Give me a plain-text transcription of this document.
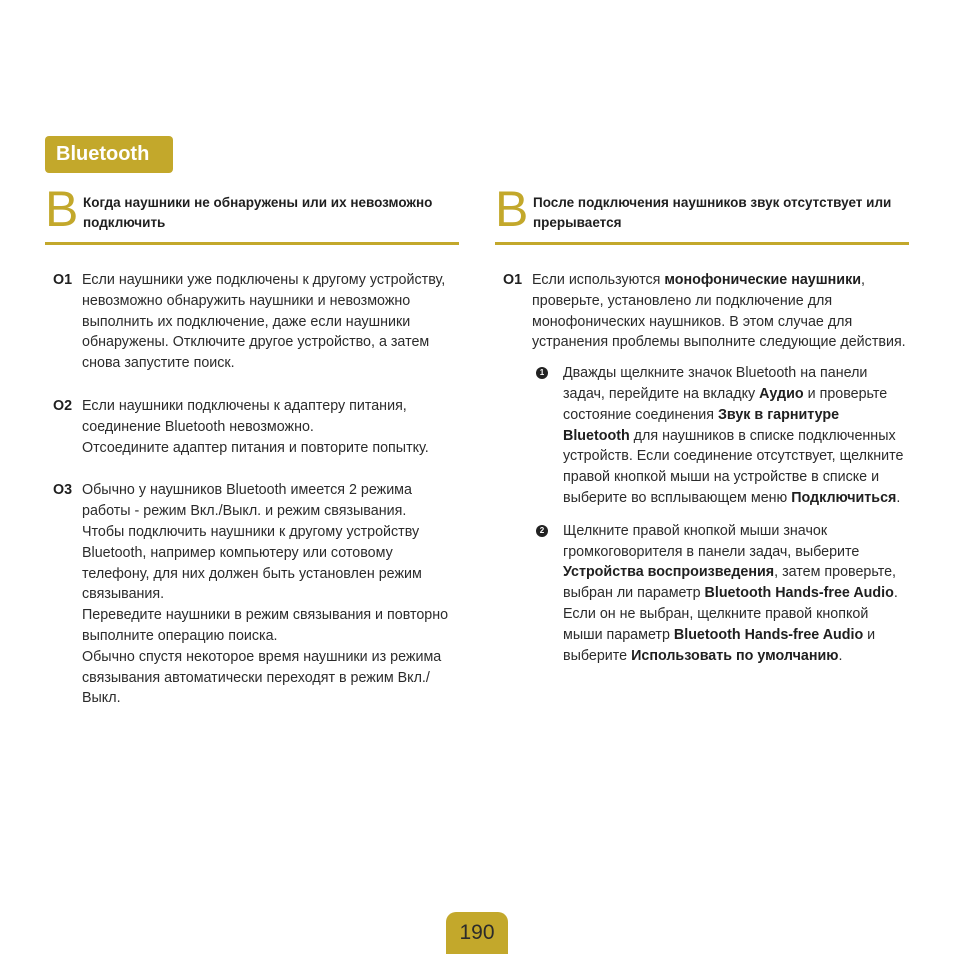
Bluetooth
B Когда наушники не обнаружены или их невозможно подключить
O1 Если наушники уже подключены к другому устройству, невозможно обнаружить наушники и невозможно выполнить их подключение, даже если наушники обнаружены. Отключите другое устройство, а затем снова запустите поиск.

O2 Если наушники подключены к адаптеру питания, соединение Bluetooth невозможно.

Отсоедините адаптер питания и повторите попытку.

O3 Обычно у наушников Bluetooth имеется 2 режима работы - режим Вкл./Выкл. и режим связывания.

Чтобы подключить наушники к другому устройству Bluetooth, например компьютеру или сотовому телефону, для них должен быть установлен режим связывания.

Переведите наушники в режим связывания и повторно выполните операцию поиска.

Обычно спустя некоторое время наушники из режима связывания автоматически переходят в режим Вкл./Выкл.

B После подключения наушников звук отсутствует или прерывается
O1 Если используются монофонические наушники, проверьте, установлено ли подключение для монофонических наушников. В этом случае для устранения проблемы выполните следующие действия.

1 Дважды щелкните значок Bluetooth на панели задач, перейдите на вкладку Аудио и проверьте состояние соединения Звук в гарнитуре Bluetooth для наушников в списке подключенных устройств. Если соединение отсутствует, щелкните правой кнопкой мыши на устройстве в списке и выберите во всплывающем меню Подключиться.
2 Щелкните правой кнопкой мыши значок громкоговорителя в панели задач, выберите Устройства воспроизведения, затем проверьте, выбран ли параметр Bluetooth Hands-free Audio. Если он не выбран, щелкните правой кнопкой мыши параметр Bluetooth Hands-free Audio и выберите Использовать по умолчанию.
190
